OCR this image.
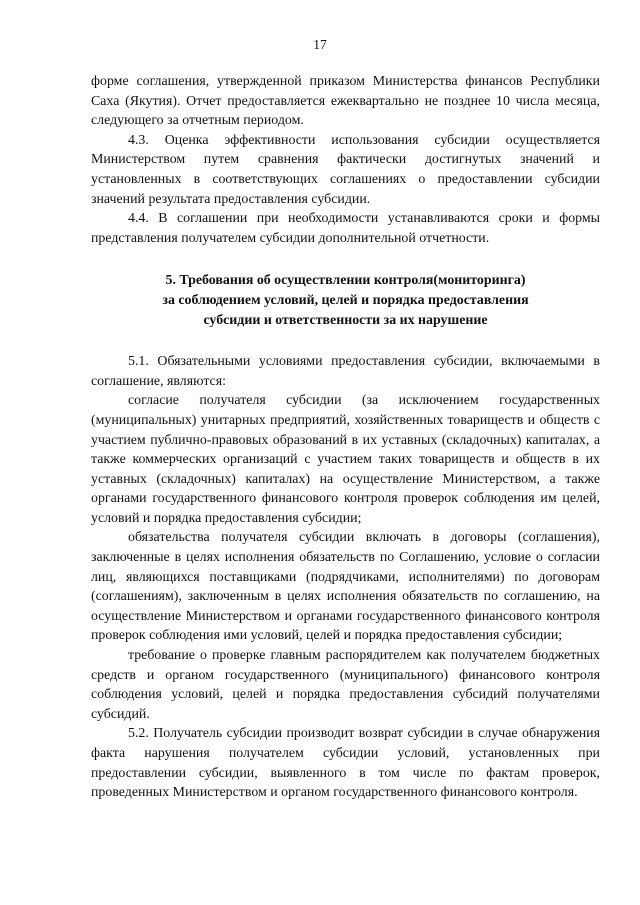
17

форме соглашения, утвержденной приказом Министерства финансов Республики Саха (Якутия). Отчет предоставляется ежеквартально не позднее 10 числа месяца, следующего за отчетным периодом.

4.3. Оценка эффективности использования субсидии осуществляется Министерством путем сравнения фактически достигнутых значений и установленных в соответствующих соглашениях о предоставлении субсидии значений результата предоставления субсидии.

4.4. В соглашении при необходимости устанавливаются сроки и формы представления получателем субсидии дополнительной отчетности.

5. Требования об осуществлении контроля(мониторинга)
за соблюдением условий, целей и порядка предоставления
субсидии и ответственности за их нарушение

5.1. Обязательными условиями предоставления субсидии, включаемыми в соглашение, являются:

согласие получателя субсидии (за исключением государственных (муниципальных) унитарных предприятий, хозяйственных товариществ и обществ с участием публично-правовых образований в их уставных (складочных) капиталах, а также коммерческих организаций с участием таких товариществ и обществ в их уставных (складочных) капиталах) на осуществление Министерством, а также органами государственного финансового контроля проверок соблюдения им целей, условий и порядка предоставления субсидии;

обязательства получателя субсидии включать в договоры (соглашения), заключенные в целях исполнения обязательств по Соглашению, условие о согласии лиц, являющихся поставщиками (подрядчиками, исполнителями) по договорам (соглашениям), заключенным в целях исполнения обязательств по соглашению, на осуществление Министерством и органами государственного финансового контроля проверок соблюдения ими условий, целей и порядка предоставления субсидии;

требование о проверке главным распорядителем как получателем бюджетных средств и органом государственного (муниципального) финансового контроля соблюдения условий, целей и порядка предоставления субсидий получателями субсидий.

5.2. Получатель субсидии производит возврат субсидии в случае обнаружения факта нарушения получателем субсидии условий, установленных при предоставлении субсидии, выявленного в том числе по фактам проверок, проведенных Министерством и органом государственного финансового контроля.
